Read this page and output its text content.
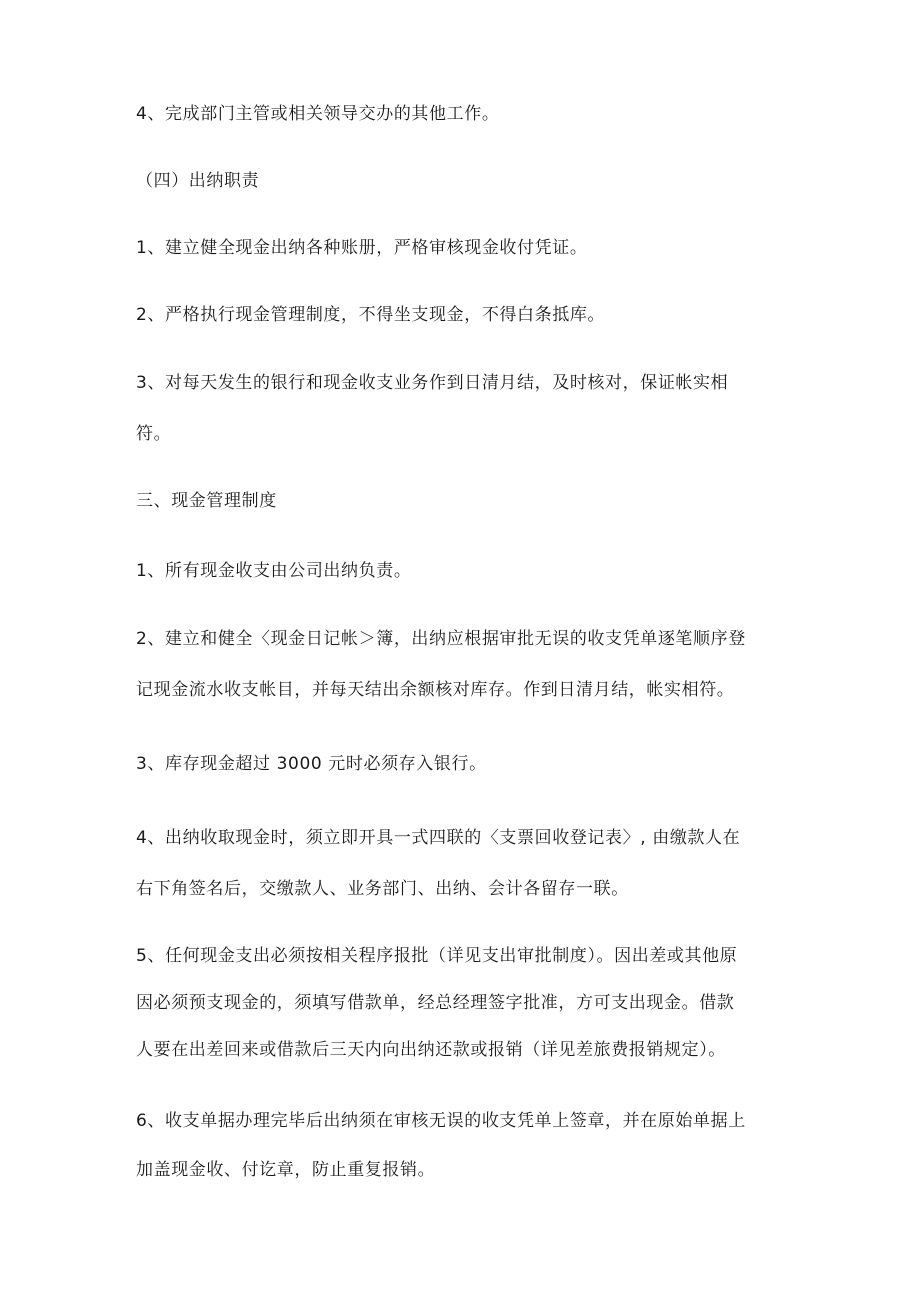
4、完成部门主管或相关领导交办的其他工作。

（四）出纳职责

1、建立健全现金出纳各种账册，严格审核现金收付凭证。

2、严格执行现金管理制度，不得坐支现金，不得白条抵库。

3、对每天发生的银行和现金收支业务作到日清月结，及时核对，保证帐实相

符。

三、现金管理制度

1、所有现金收支由公司出纳负责。

2、建立和健全〈现金日记帐＞簿，出纳应根据审批无误的收支凭单逐笔顺序登

记现金流水收支帐目，并每天结出余额核对库存。作到日清月结，帐实相符。

3、库存现金超过 3000 元时必须存入银行。

4、出纳收取现金时，须立即开具一式四联的〈支票回收登记表〉, 由缴款人在

右下角签名后，交缴款人、业务部门、出纳、会计各留存一联。

5、任何现金支出必须按相关程序报批（详见支出审批制度）。因出差或其他原

因必须预支现金的，须填写借款单，经总经理签字批准，方可支出现金。借款

人要在出差回来或借款后三天内向出纳还款或报销（详见差旅费报销规定）。

6、收支单据办理完毕后出纳须在审核无误的收支凭单上签章，并在原始单据上

加盖现金收、付讫章，防止重复报销。
